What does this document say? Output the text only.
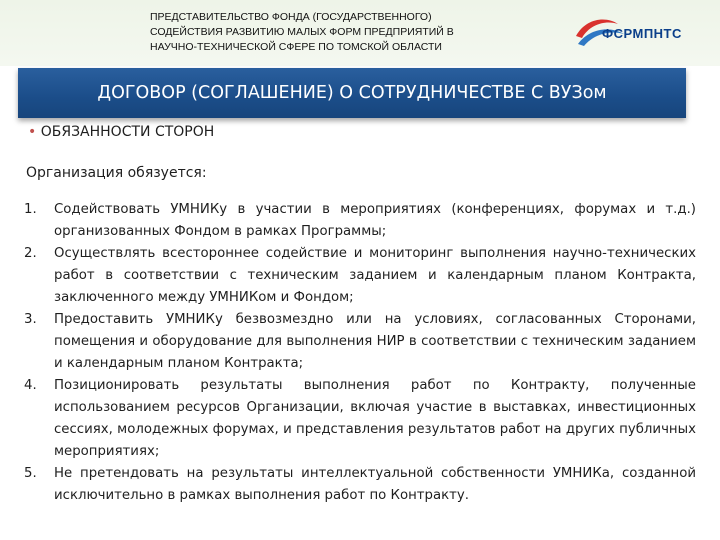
ПРЕДСТАВИТЕЛЬСТВО ФОНДА (ГОСУДАРСТВЕННОГО)
СОДЕЙСТВИЯ РАЗВИТИЮ МАЛЫХ ФОРМ ПРЕДПРИЯТИЙ В
НАУЧНО-ТЕХНИЧЕСКОЙ СФЕРЕ ПО ТОМСКОЙ ОБЛАСТИ
ФСРМПНТС
ДОГОВОР (СОГЛАШЕНИЕ) О СОТРУДНИЧЕСТВЕ С ВУЗом
• ОБЯЗАННОСТИ СТОРОН
Организация обязуется:
1. Содействовать УМНИКу в участии в мероприятиях (конференциях, форумах и т.д.) организованных Фондом в рамках Программы;
2. Осуществлять всестороннее содействие и мониторинг выполнения научно-технических работ в соответствии с техническим заданием и календарным планом Контракта, заключенного между УМНИКом и Фондом;
3. Предоставить УМНИКу безвозмездно или на условиях, согласованных Сторонами, помещения и оборудование для выполнения НИР в соответствии с техническим заданием и календарным планом Контракта;
4. Позиционировать результаты выполнения работ по Контракту, полученные использованием ресурсов Организации, включая участие в выставках, инвестиционных сессиях, молодежных форумах, и представления результатов работ на других публичных мероприятиях;
5. Не претендовать на результаты интеллектуальной собственности УМНИКа, созданной исключительно в рамках выполнения работ по Контракту.
